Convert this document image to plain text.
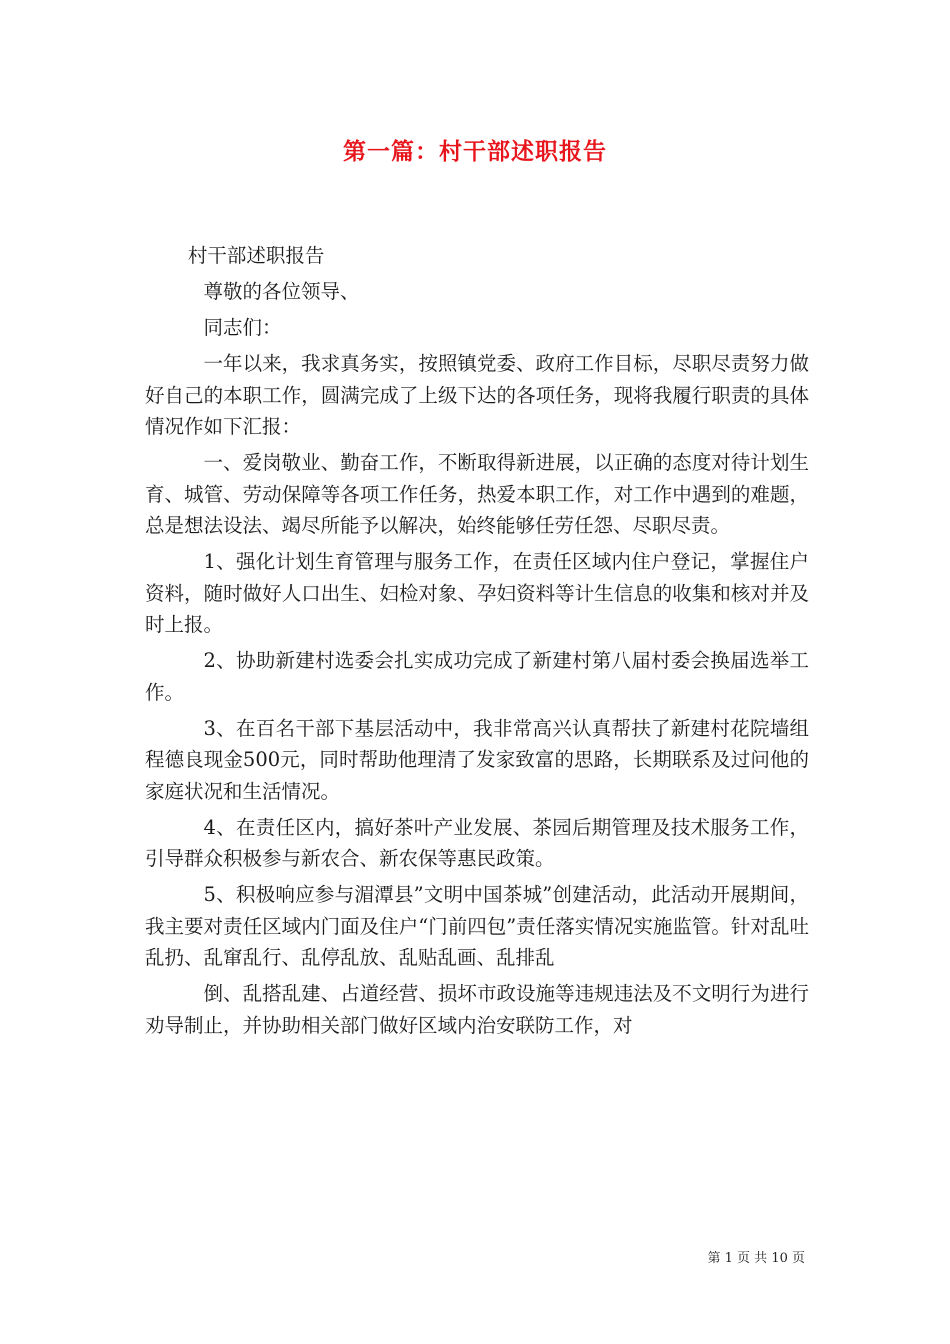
第一篇：村干部述职报告

村干部述职报告

尊敬的各位领导、

同志们：

一年以来，我求真务实，按照镇党委、政府工作目标，尽职尽责努力做好自己的本职工作，圆满完成了上级下达的各项任务，现将我履行职责的具体情况作如下汇报：

一、爱岗敬业、勤奋工作，不断取得新进展，以正确的态度对待计划生育、城管、劳动保障等各项工作任务，热爱本职工作，对工作中遇到的难题，总是想法设法、竭尽所能予以解决，始终能够任劳任怨、尽职尽责。

1、强化计划生育管理与服务工作，在责任区域内住户登记，掌握住户资料，随时做好人口出生、妇检对象、孕妇资料等计生信息的收集和核对并及时上报。

2、协助新建村选委会扎实成功完成了新建村第八届村委会换届选举工作。

3、在百名干部下基层活动中，我非常高兴认真帮扶了新建村花院墙组程德良现金500元，同时帮助他理清了发家致富的思路，长期联系及过问他的家庭状况和生活情况。

4、在责任区内，搞好茶叶产业发展、茶园后期管理及技术服务工作，引导群众积极参与新农合、新农保等惠民政策。

5、积极响应参与湄潭县”文明中国茶城”创建活动，此活动开展期间，我主要对责任区域内门面及住户“门前四包”责任落实情况实施监管。针对乱吐乱扔、乱窜乱行、乱停乱放、乱贴乱画、乱排乱

倒、乱搭乱建、占道经营、损坏市政设施等违规违法及不文明行为进行劝导制止，并协助相关部门做好区域内治安联防工作，对

第 1 页 共 10 页
